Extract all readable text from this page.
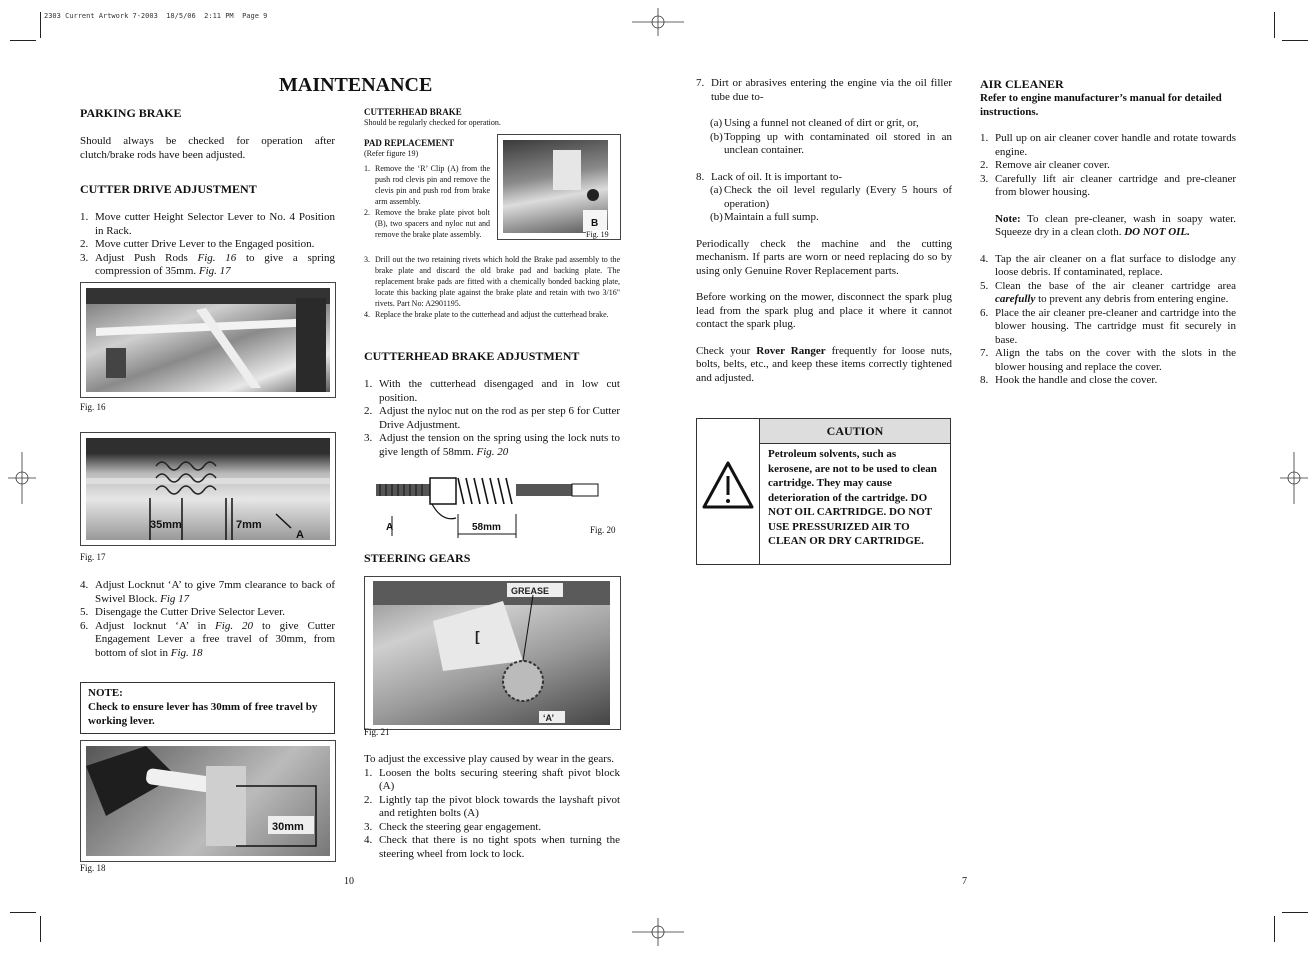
2303 Current Artwork 7-2003  18/5/06  2:11 PM  Page 9
MAINTENANCE
PARKING BRAKE

Should always be checked for operation after clutch/brake rods have been adjusted.

CUTTER DRIVE ADJUSTMENT
1. Move cutter Height Selector Lever to No. 4 Position in Rack.
2. Move cutter Drive Lever to the Engaged position.
3. Adjust Push Rods Fig. 16 to give a spring compression of 35mm. Fig. 17
Fig. 16
35mm	7mm
A
Fig. 17
4. Adjust Locknut ‘A’ to give 7mm clearance to back of Swivel Block. Fig 17
5. Disengage the Cutter Drive Selector Lever.
6. Adjust locknut ‘A’ in Fig. 20 to give Cutter Engagement Lever a free travel of 30mm, from bottom of slot in Fig. 18
NOTE:
Check to ensure lever has 30mm of free travel by working lever.
30mm
Fig. 18
CUTTERHEAD BRAKE
Should be regularly checked for operation.
PAD REPLACEMENT
(Refer figure 19)
1. Remove the ‘R’ Clip (A) from the push rod clevis pin and remove the clevis pin and push rod from brake arm assembly.
2. Remove the brake plate pivot bolt (B), two spacers and nyloc nut and remove the brake plate assembly.
B
Fig. 19
3. Drill out the two retaining rivets which hold the Brake pad assembly to the brake plate and discard the old brake pad and backing plate. The replacement brake pads are fitted with a chemically bonded backing plate, locate this backing plate against the brake plate and retain with two 3/16" rivets. Part No: A2901195.
4. Replace the brake plate to the cutterhead and adjust the cutterhead brake.
CUTTERHEAD BRAKE ADJUSTMENT
1. With the cutterhead disengaged and in low cut position.
2. Adjust the nyloc nut on the rod as per step 6 for Cutter Drive Adjustment.
3. Adjust the tension on the spring using the lock nuts to give length of 58mm. Fig. 20
A	58mm	Fig. 20
STEERING GEARS
GREASE
[
‘A’
Fig. 21

To adjust the excessive play caused by wear in the gears.

1. Loosen the bolts securing steering shaft pivot block (A)
2. Lightly tap the pivot block towards the layshaft pivot and retighten bolts (A)
3. Check the steering gear engagement.
4. Check that there is no tight spots when turning the steering wheel from lock to lock.
10
7. Dirt or abrasives entering the engine via the oil filler tube due to-
(a) Using a funnel not cleaned of dirt or grit, or,
(b) Topping up with contaminated oil stored in an unclean container.
8. Lack of oil. It is important to-
(a) Check the oil level regularly (Every 5 hours of operation)
(b) Maintain a full sump.

Periodically check the machine and the cutting mechanism. If parts are worn or need replacing do so by using only Genuine Rover Replacement parts.

Before working on the mower, disconnect the spark plug lead from the spark plug and place it where it cannot contact the spark plug.

Check your Rover Ranger frequently for loose nuts, bolts, belts, etc., and keep these items correctly tightened and adjusted.

CAUTION
Petroleum solvents, such as kerosene, are not to be used to clean cartridge. They may cause deterioration of the cartridge. DO NOT OIL CARTRIDGE. DO NOT USE PRESSURIZED AIR TO CLEAN OR DRY CARTRIDGE.
7
AIR CLEANER
Refer to engine manufacturer’s manual for detailed instructions.
1. Pull up on air cleaner cover handle and rotate towards engine.
2. Remove air cleaner cover.
3. Carefully lift air cleaner cartridge and pre-cleaner from blower housing.

Note: To clean pre-cleaner, wash in soapy water. Squeeze dry in a clean cloth. DO NOT OIL.

4. Tap the air cleaner on a flat surface to dislodge any loose debris. If contaminated, replace.
5. Clean the base of the air cleaner cartridge area carefully to prevent any debris from entering engine.
6. Place the air cleaner pre-cleaner and cartridge into the blower housing. The cartridge must fit securely in base.
7. Align the tabs on the cover with the slots in the blower housing and replace the cover.
8. Hook the handle and close the cover.
